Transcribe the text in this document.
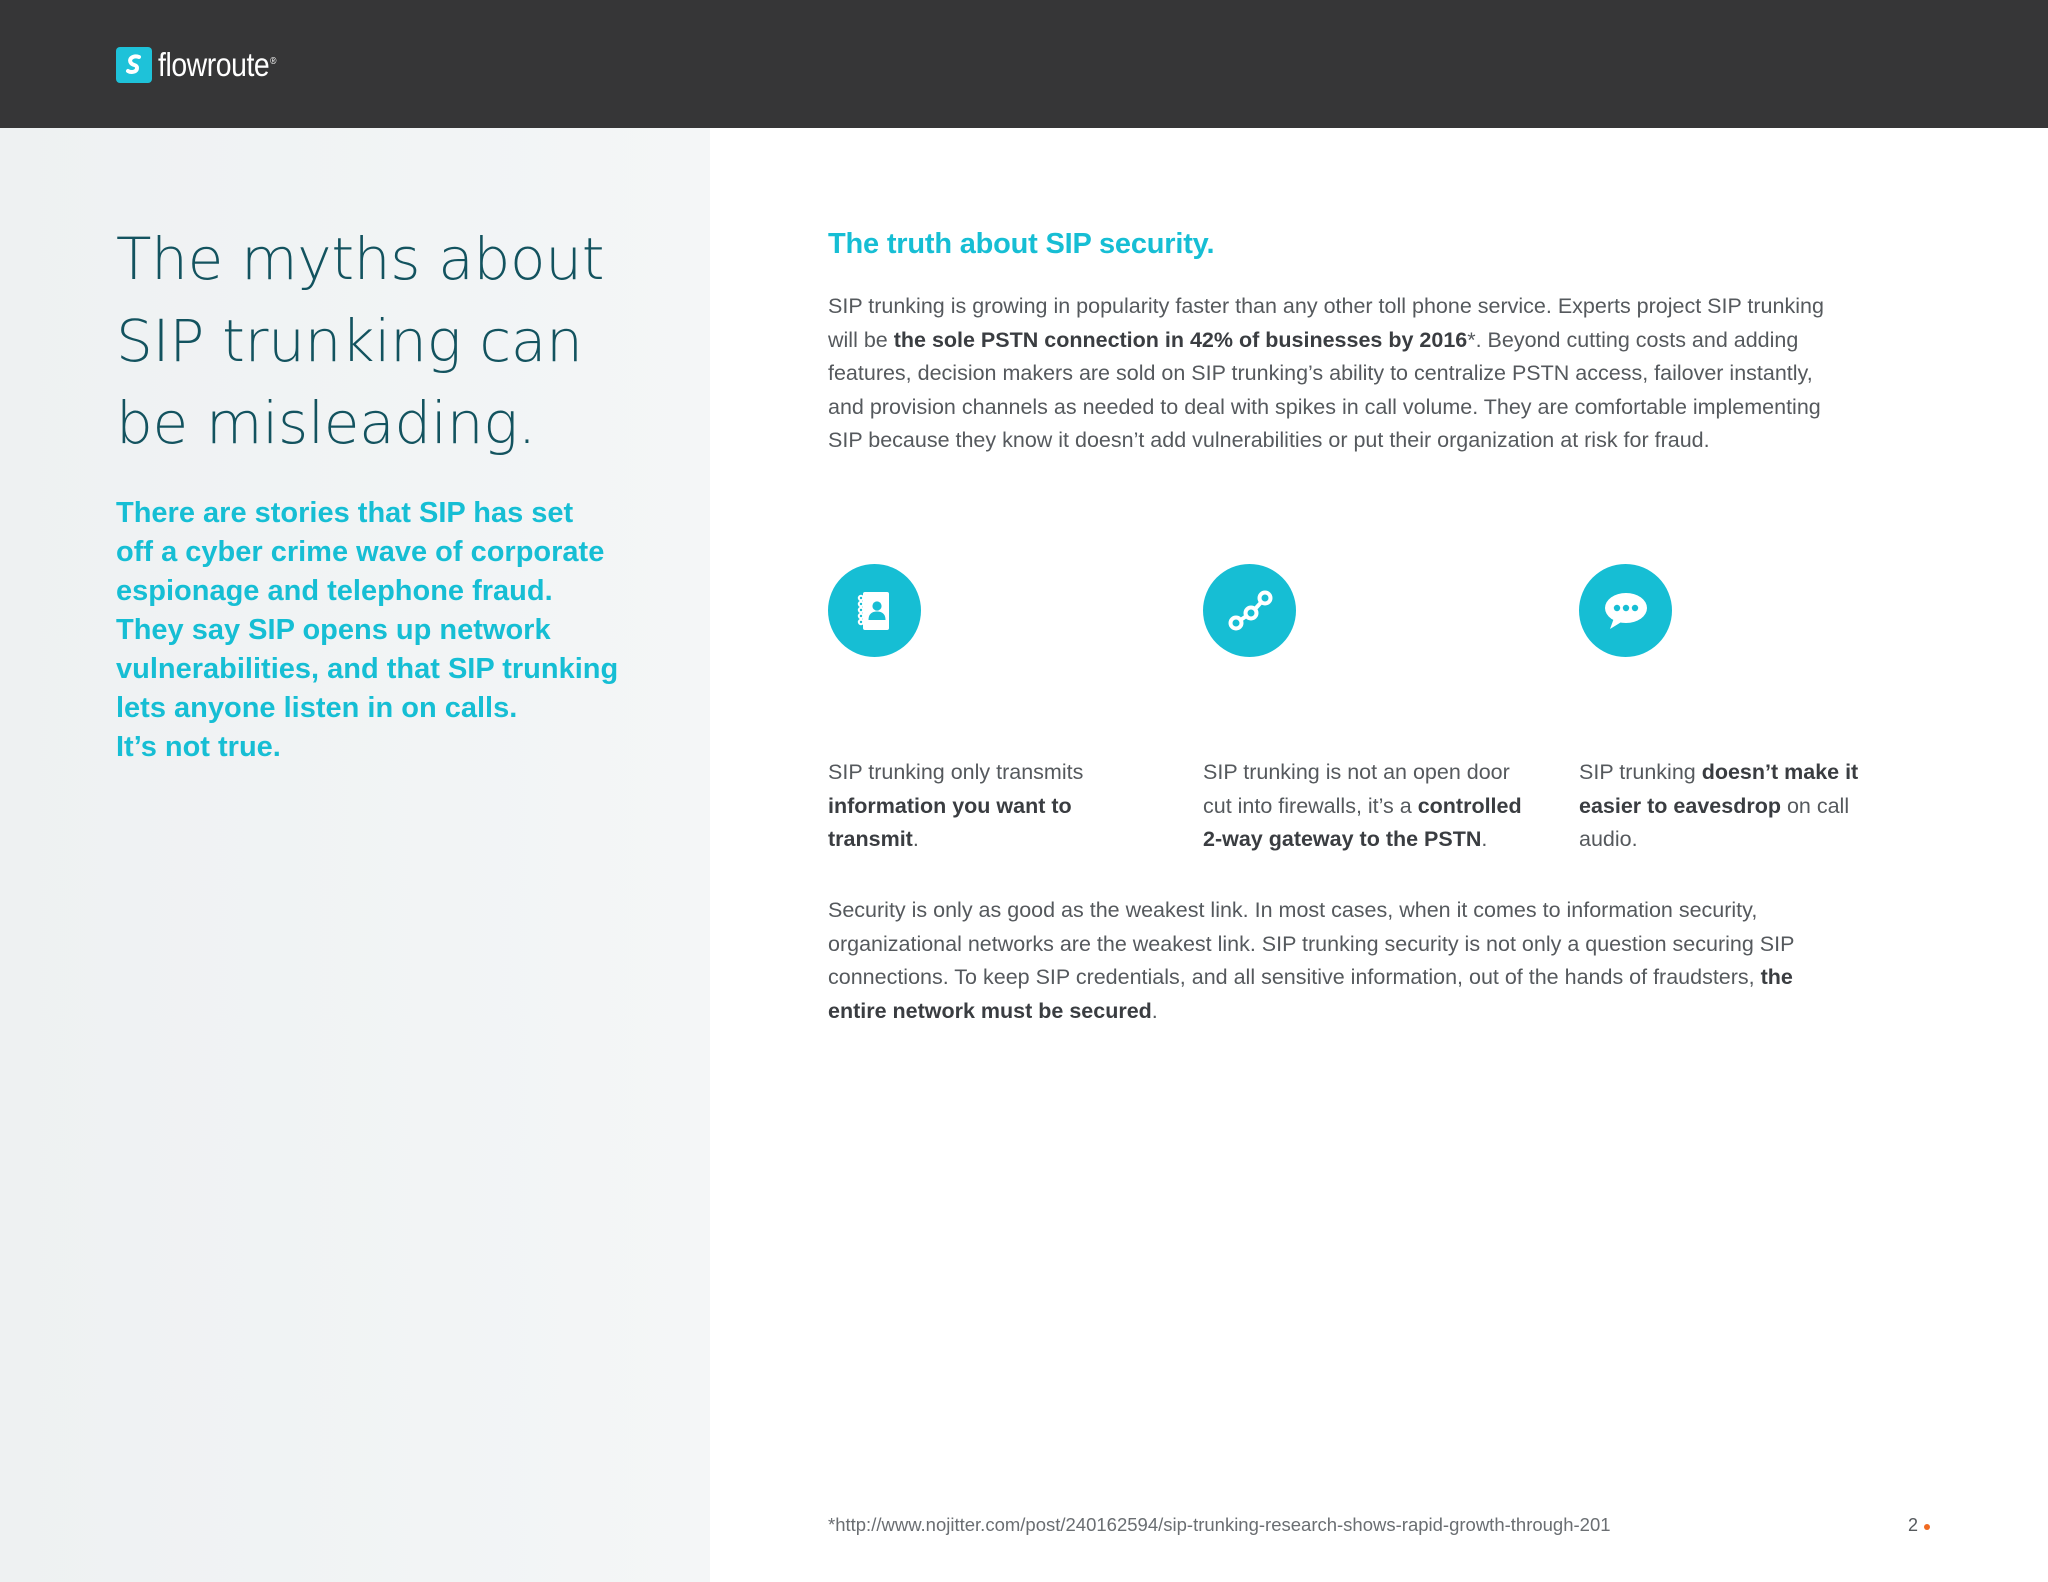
flowroute®
The myths about
SIP trunking can
be misleading.

There are stories that SIP has set
off a cyber crime wave of corporate
espionage and telephone fraud.
They say SIP opens up network
vulnerabilities, and that SIP trunking
lets anyone listen in on calls.
It’s not true.

The truth about SIP security.

SIP trunking is growing in popularity faster than any other toll phone service. Experts project SIP trunking will be the sole PSTN connection in 42% of businesses by 2016*. Beyond cutting costs and adding features, decision makers are sold on SIP trunking’s ability to centralize PSTN access, failover instantly, and provision channels as needed to deal with spikes in call volume. They are comfortable implementing SIP because they know it doesn’t add vulnerabilities or put their organization at risk for fraud.

SIP trunking only transmits information you want to transmit.

SIP trunking is not an open door cut into firewalls, it’s a controlled 2-way gateway to the PSTN.

SIP trunking doesn’t make it easier to eavesdrop on call audio.

Security is only as good as the weakest link. In most cases, when it comes to information security, organizational networks are the weakest link. SIP trunking security is not only a question securing SIP connections. To keep SIP credentials, and all sensitive information, out of the hands of fraudsters, the entire network must be secured.

*http://www.nojitter.com/post/240162594/sip-trunking-research-shows-rapid-growth-through-201	2
